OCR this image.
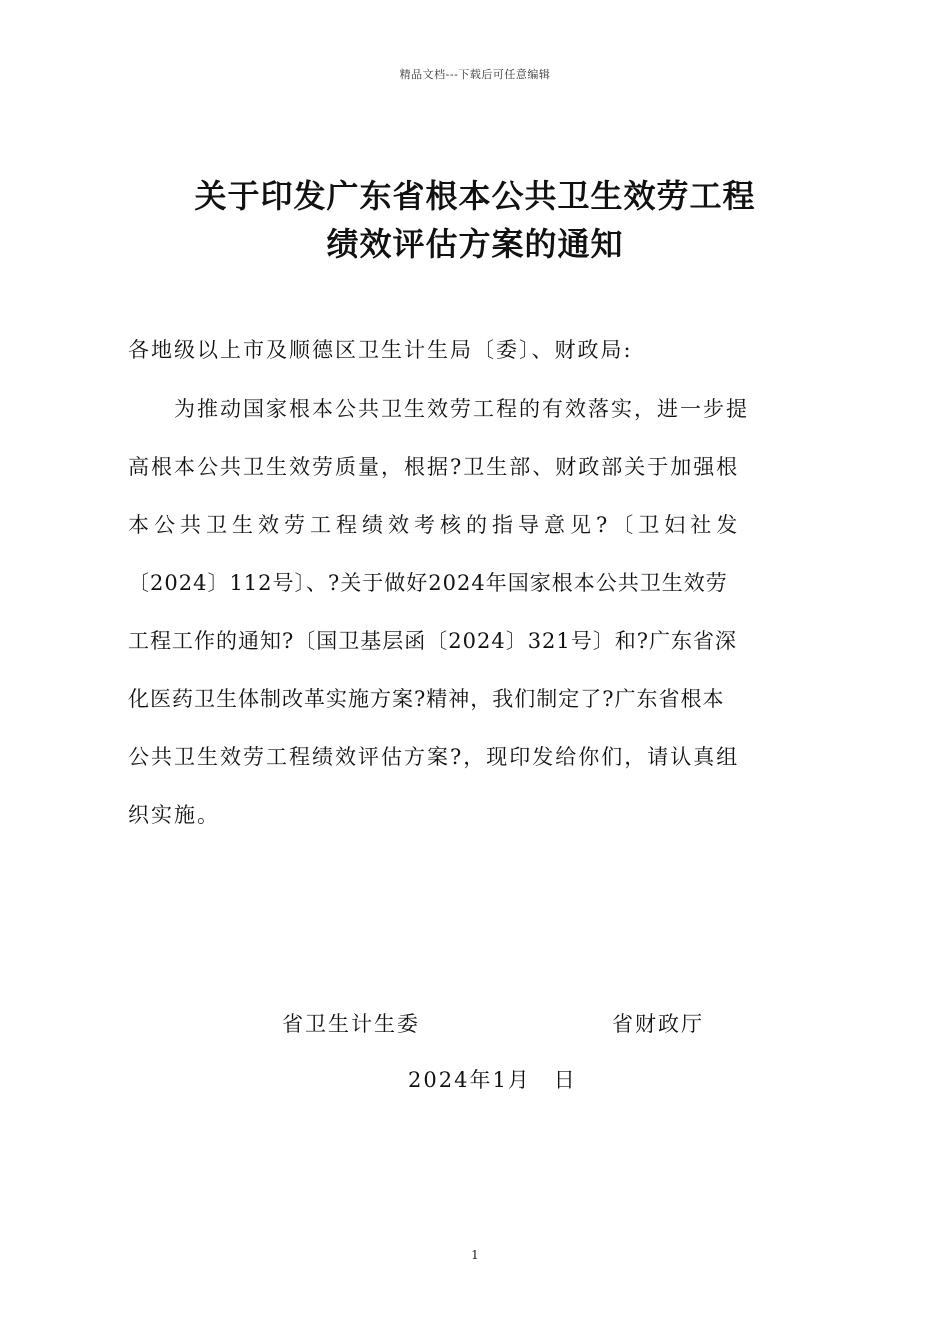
精品文档---下载后可任意编辑
关于印发广东省根本公共卫生效劳工程
绩效评估方案的通知
各地级以上市及顺德区卫生计生局〔委〕、财政局:
　　为推动国家根本公共卫生效劳工程的有效落实，进一步提
高根本公共卫生效劳质量，根据?卫生部、财政部关于加强根
本公共卫生效劳工程绩效考核的指导意见?〔卫妇社发
〔2024〕112号〕、?关于做好2024年国家根本公共卫生效劳
工程工作的通知?〔国卫基层函〔2024〕321号〕和?广东省深
化医药卫生体制改革实施方案?精神，我们制定了?广东省根本
公共卫生效劳工程绩效评估方案?，现印发给你们，请认真组
织实施。
省卫生计生委	省财政厅
2024年1月　日
1
